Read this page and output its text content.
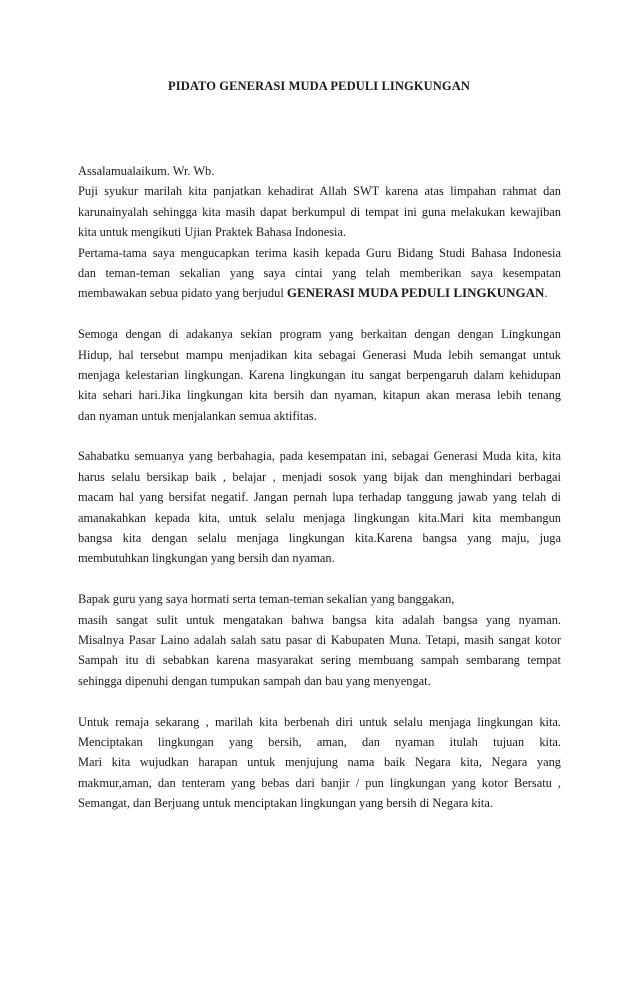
PIDATO GENERASI MUDA PEDULI LINGKUNGAN
Assalamualaikum. Wr. Wb.
Puji syukur marilah kita panjatkan kehadirat Allah SWT karena atas limpahan rahmat dan
karunainyalah sehingga kita masih dapat berkumpul di tempat ini guna melakukan kewajiban
kita untuk mengikuti Ujian Praktek Bahasa Indonesia.
Pertama-tama saya mengucapkan terima kasih kepada Guru Bidang Studi Bahasa Indonesia
dan teman-teman sekalian yang saya cintai yang telah memberikan saya kesempatan
membawakan sebua pidato yang berjudul GENERASI MUDA PEDULI LINGKUNGAN.
Semoga dengan di adakanya sekian program yang berkaitan dengan dengan Lingkungan
Hidup, hal tersebut mampu menjadikan kita sebagai Generasi Muda lebih semangat untuk
menjaga kelestarian lingkungan. Karena lingkungan itu sangat berpengaruh dalam kehidupan
kita sehari hari.Jika lingkungan kita bersih dan nyaman, kitapun akan merasa lebih tenang
dan nyaman untuk menjalankan semua aktifitas.
Sahabatku semuanya yang berbahagia, pada kesempatan ini, sebagai Generasi Muda kita, kita
harus selalu bersikap baik , belajar , menjadi sosok yang bijak dan menghindari berbagai
macam hal yang bersifat negatif. Jangan pernah lupa terhadap tanggung jawab yang telah di
amanakahkan kepada kita, untuk selalu menjaga lingkungan kita.Mari kita membangun
bangsa kita dengan selalu menjaga lingkungan kita.Karena bangsa yang maju, juga
membutuhkan lingkungan yang bersih dan nyaman.
Bapak guru yang saya hormati serta teman-teman sekalian yang banggakan,
masih sangat sulit untuk mengatakan bahwa bangsa kita adalah bangsa yang nyaman.
Misalnya Pasar Laino adalah salah satu pasar di Kabupaten Muna. Tetapi, masih sangat kotor
Sampah itu di sebabkan karena masyarakat sering membuang sampah sembarang tempat
sehingga dipenuhi dengan tumpukan sampah dan bau yang menyengat.
Untuk remaja sekarang , marilah kita berbenah diri untuk selalu menjaga lingkungan kita.
Menciptakan lingkungan yang bersih, aman, dan nyaman itulah tujuan kita.
Mari kita wujudkan harapan untuk menjujung nama baik Negara kita, Negara yang
makmur,aman, dan tenteram yang bebas dari banjir / pun lingkungan yang kotor Bersatu ,
Semangat, dan Berjuang untuk menciptakan lingkungan yang bersih di Negara kita.
